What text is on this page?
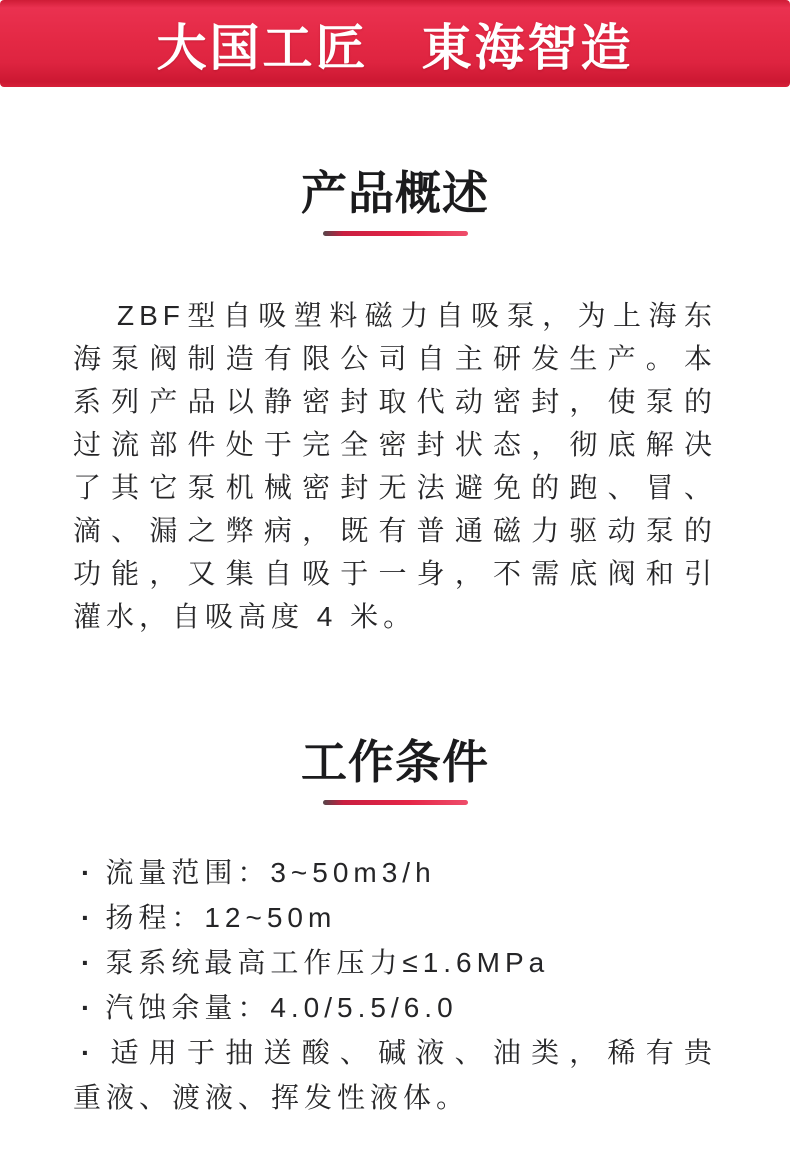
大国工匠　東海智造
产品概述
ZBF型自吸塑料磁力自吸泵，为上海东
海泵阀制造有限公司自主研发生产。本
系列产品以静密封取代动密封，使泵的
过流部件处于完全密封状态，彻底解决
了其它泵机械密封无法避免的跑、冒、
滴、漏之弊病，既有普通磁力驱动泵的
功能，又集自吸于一身，不需底阀和引
灌水，自吸高度 4 米。
工作条件
· 流量范围：3~50m3/h
· 扬程：12~50m
· 泵系统最高工作压力≤1.6MPa
· 汽蚀余量：4.0/5.5/6.0
· 适用于抽送酸、碱液、油类，稀有贵
重液、渡液、挥发性液体。
